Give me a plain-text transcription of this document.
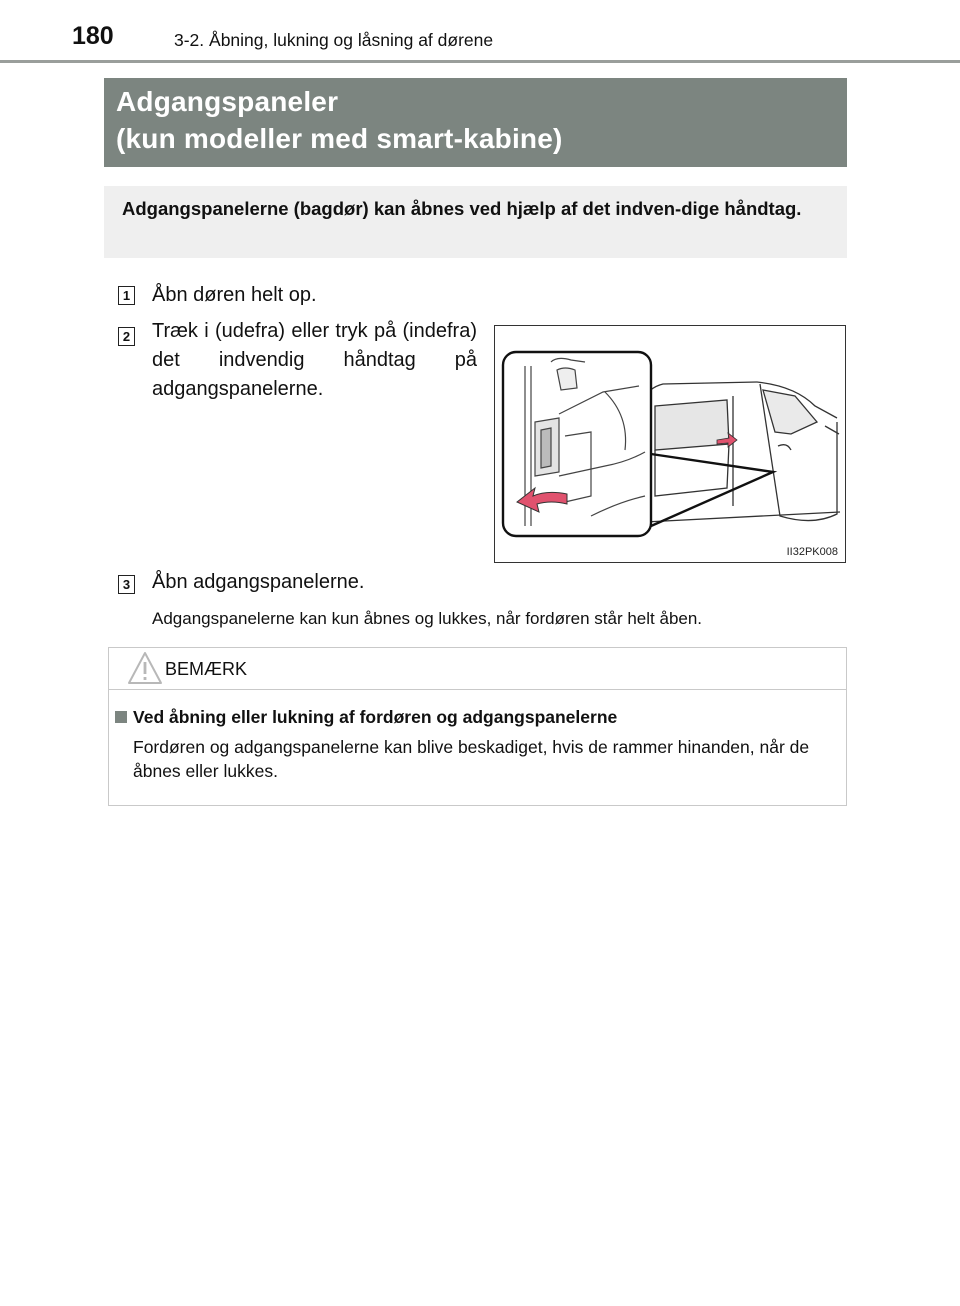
180	3-2. Åbning, lukning og låsning af dørene
Adgangspaneler
(kun modeller med smart-kabine)
Adgangspanelerne (bagdør) kan åbnes ved hjælp af det indven-dige håndtag.
1 Åbn døren helt op.
2 Træk i (udefra) eller tryk på (indefra) det indvendig håndtag på adgangspanelerne.
II32PK008
3 Åbn adgangspanelerne.
Adgangspanelerne kan kun åbnes og lukkes, når fordøren står helt åben.
BEMÆRK
Ved åbning eller lukning af fordøren og adgangspanelerne
Fordøren og adgangspanelerne kan blive beskadiget, hvis de rammer hinanden, når de åbnes eller lukkes.
